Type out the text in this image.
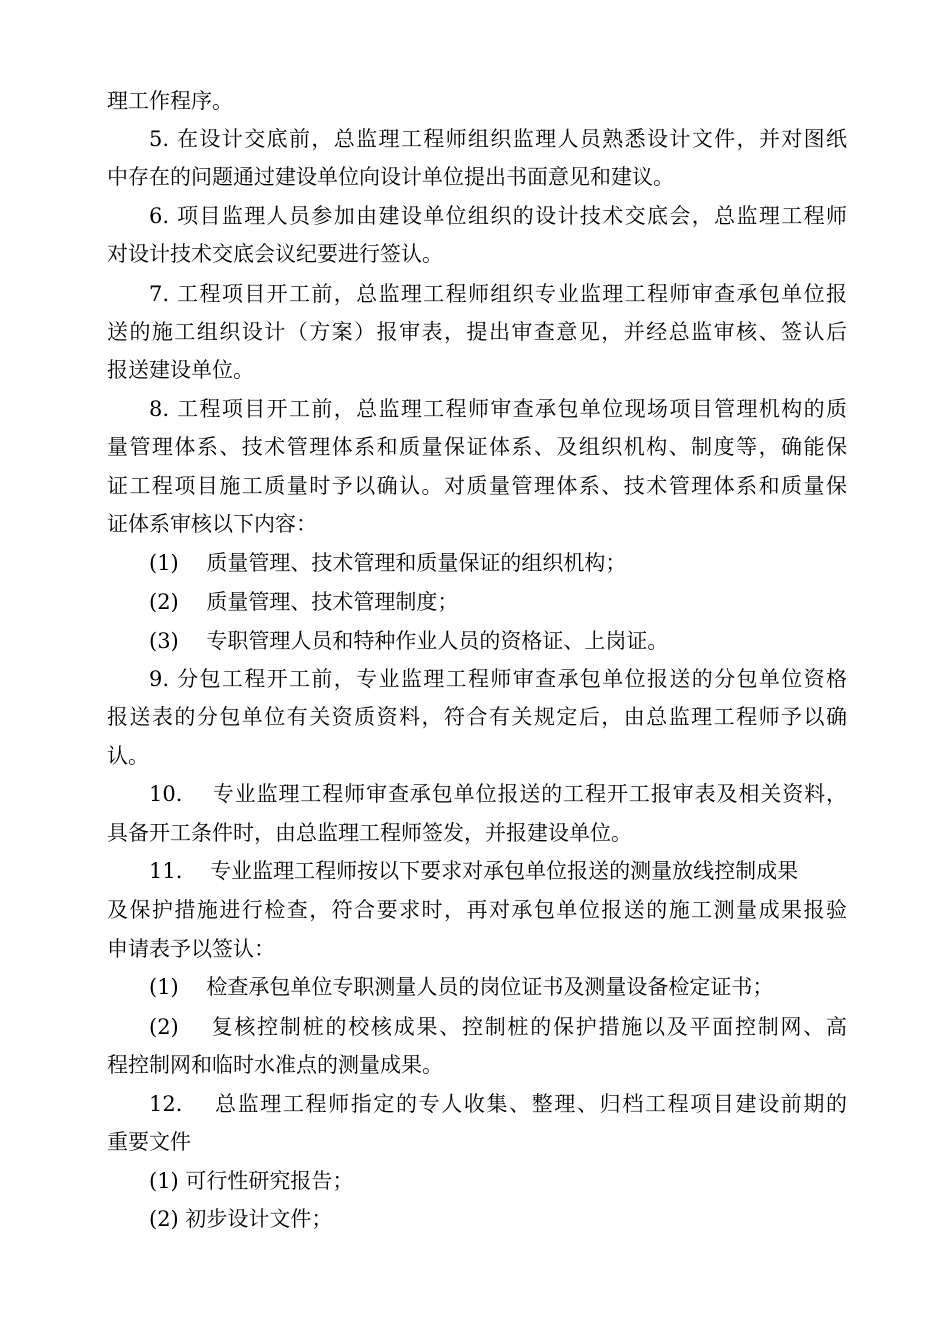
理工作程序。
5. 在设计交底前，总监理工程师组织监理人员熟悉设计文件，并对图纸
中存在的问题通过建设单位向设计单位提出书面意见和建议。
6. 项目监理人员参加由建设单位组织的设计技术交底会，总监理工程师
对设计技术交底会议纪要进行签认。
7. 工程项目开工前，总监理工程师组织专业监理工程师审查承包单位报
送的施工组织设计（方案）报审表，提出审查意见，并经总监审核、签认后
报送建设单位。
8. 工程项目开工前，总监理工程师审查承包单位现场项目管理机构的质
量管理体系、技术管理体系和质量保证体系、及组织机构、制度等，确能保
证工程项目施工质量时予以确认。对质量管理体系、技术管理体系和质量保
证体系审核以下内容：
(1)　 质量管理、技术管理和质量保证的组织机构；
(2)　 质量管理、技术管理制度；
(3)　 专职管理人员和特种作业人员的资格证、上岗证。
9. 分包工程开工前，专业监理工程师审查承包单位报送的分包单位资格
报送表的分包单位有关资质资料，符合有关规定后，由总监理工程师予以确
认。
10.　 专业监理工程师审查承包单位报送的工程开工报审表及相关资料，
具备开工条件时，由总监理工程师签发，并报建设单位。
11.　 专业监理工程师按以下要求对承包单位报送的测量放线控制成果
及保护措施进行检查，符合要求时，再对承包单位报送的施工测量成果报验
申请表予以签认：
(1)　 检查承包单位专职测量人员的岗位证书及测量设备检定证书；
(2)　 复核控制桩的校核成果、控制桩的保护措施以及平面控制网、高
程控制网和临时水准点的测量成果。
12.　 总监理工程师指定的专人收集、整理、归档工程项目建设前期的
重要文件
(1) 可行性研究报告；
(2) 初步设计文件；
